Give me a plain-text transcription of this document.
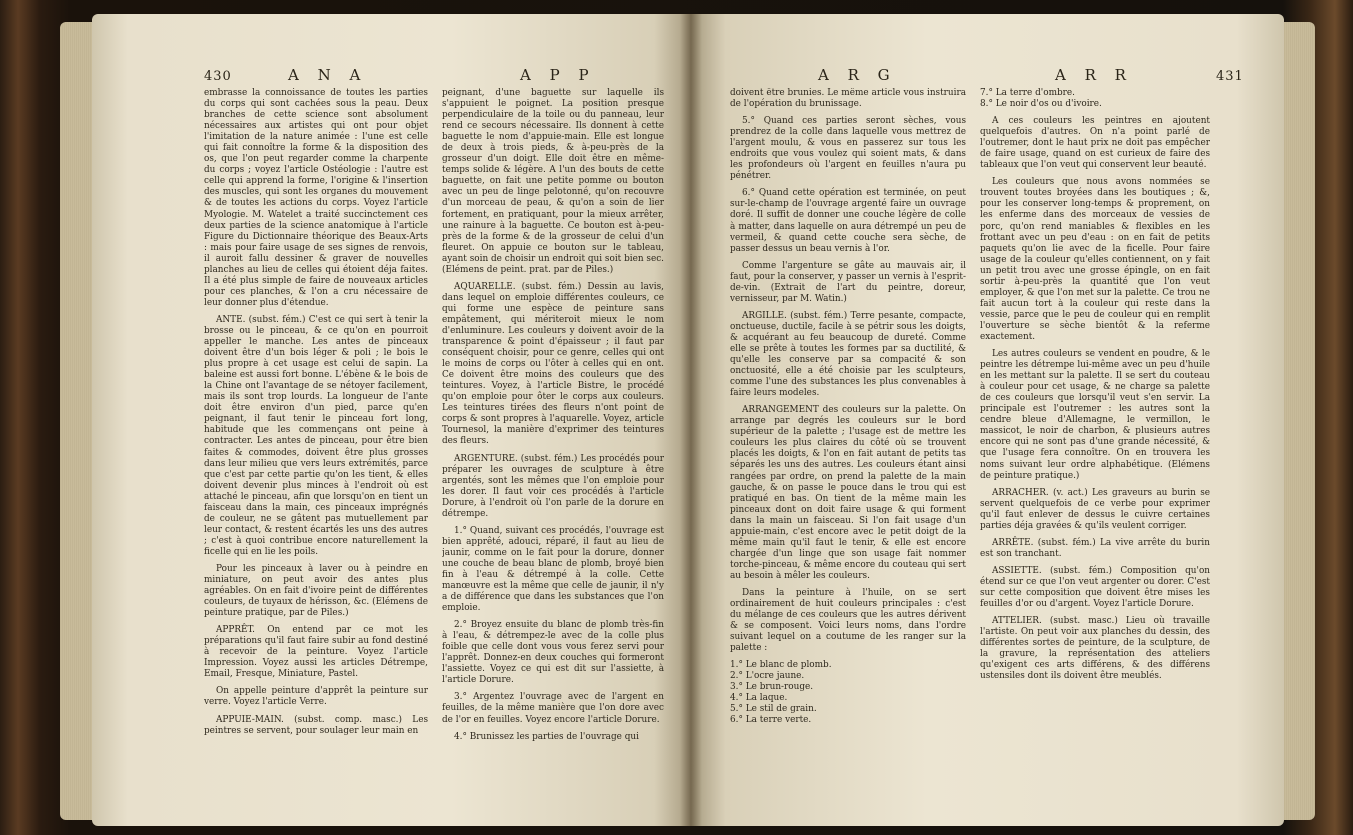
430	A N A	A P P

embrasse la connoissance de toutes les parties du corps qui sont cachées sous la peau. Deux branches de cette science sont absolument nécessaires aux artistes qui ont pour objet l'imitation de la nature animée : l'une est celle qui fait connoître la forme & la disposition des os, que l'on peut regarder comme la charpente du corps ; voyez l'article Ostéologie : l'autre est celle qui apprend la forme, l'origine & l'insertion des muscles, qui sont les organes du mouvement & de toutes les actions du corps. Voyez l'article Myologie. M. Watelet a traité succinctement ces deux parties de la science anatomique à l'article Figure du Dictionnaire théorique des Beaux-Arts : mais pour faire usage de ses signes de renvois, il auroit fallu dessiner & graver de nouvelles planches au lieu de celles qui étoient déja faites. Il a été plus simple de faire de nouveaux articles pour ces planches, & l'on a cru nécessaire de leur donner plus d'étendue.

ANTE. (subst. fém.) C'est ce qui sert à tenir la brosse ou le pinceau, & ce qu'on en pourroit appeller le manche. Les antes de pinceaux doivent être d'un bois léger & poli ; le bois le plus propre à cet usage est celui de sapin. La baleine est aussi fort bonne. L'ébène & le bois de la Chine ont l'avantage de se nétoyer facilement, mais ils sont trop lourds. La longueur de l'ante doit être environ d'un pied, parce qu'en peignant, il faut tenir le pinceau fort long, habitude que les commençans ont peine à contracter. Les antes de pinceau, pour être bien faites & commodes, doivent être plus grosses dans leur milieu que vers leurs extrémités, parce que c'est par cette partie qu'on les tient, & elles doivent devenir plus minces à l'endroit où est attaché le pinceau, afin que lorsqu'on en tient un faisceau dans la main, ces pinceaux imprégnés de couleur, ne se gâtent pas mutuellement par leur contact, & restent écartés les uns des autres ; c'est à quoi contribue encore naturellement la ficelle qui en lie les poils.

Pour les pinceaux à laver ou à peindre en miniature, on peut avoir des antes plus agréables. On en fait d'ivoire peint de différentes couleurs, de tuyaux de hérisson, &c. (Elémens de peinture pratique, par de Piles.)

APPRÊT. On entend par ce mot les préparations qu'il faut faire subir au fond destiné à recevoir de la peinture. Voyez l'article Impression. Voyez aussi les articles Détrempe, Email, Fresque, Miniature, Pastel.

On appelle peinture d'apprêt la peinture sur verre. Voyez l'article Verre.

APPUIE-MAIN. (subst. comp. masc.) Les peintres se servent, pour soulager leur main en

peignant, d'une baguette sur laquelle ils s'appuient le poignet. La position presque perpendiculaire de la toile ou du panneau, leur rend ce secours nécessaire. Ils donnent à cette baguette le nom d'appuie-main. Elle est longue de deux à trois pieds, & à-peu-près de la grosseur d'un doigt. Elle doit être en même-temps solide & légère. A l'un des bouts de cette baguette, on fait une petite pomme ou bouton avec un peu de linge pelotonné, qu'on recouvre d'un morceau de peau, & qu'on a soin de lier fortement, en pratiquant, pour la mieux arrêter, une rainure à la baguette. Ce bouton est à-peu-près de la forme & de la grosseur de celui d'un fleuret. On appuie ce bouton sur le tableau, ayant soin de choisir un endroit qui soit bien sec. (Elémens de peint. prat. par de Piles.)

AQUARELLE. (subst. fém.) Dessin au lavis, dans lequel on emploie différentes couleurs, ce qui forme une espèce de peinture sans empâtement, qui mériteroit mieux le nom d'enluminure. Les couleurs y doivent avoir de la transparence & point d'épaisseur ; il faut par conséquent choisir, pour ce genre, celles qui ont le moins de corps ou l'ôter à celles qui en ont. Ce doivent être moins des couleurs que des teintures. Voyez, à l'article Bistre, le procédé qu'on emploie pour ôter le corps aux couleurs. Les teintures tirées des fleurs n'ont point de corps & sont propres à l'aquarelle. Voyez, article Tournesol, la manière d'exprimer des teintures des fleurs.

ARGENTURE. (subst. fém.) Les procédés pour préparer les ouvrages de sculpture à être argentés, sont les mêmes que l'on emploie pour les dorer. Il faut voir ces procédés à l'article Dorure, à l'endroit où l'on parle de la dorure en détrempe.

1.° Quand, suivant ces procédés, l'ouvrage est bien apprêté, adouci, réparé, il faut au lieu de jaunir, comme on le fait pour la dorure, donner une couche de beau blanc de plomb, broyé bien fin à l'eau & détrempé à la colle. Cette manœuvre est la même que celle de jaunir, il n'y a de différence que dans les substances que l'on emploie.

2.° Broyez ensuite du blanc de plomb très-fin à l'eau, & détrempez-le avec de la colle plus foible que celle dont vous vous ferez servi pour l'apprêt. Donnez-en deux couches qui formeront l'assiette. Voyez ce qui est dit sur l'assiette, à l'article Dorure.

3.° Argentez l'ouvrage avec de l'argent en feuilles, de la même manière que l'on dore avec de l'or en feuilles. Voyez encore l'article Dorure.

4.° Brunissez les parties de l'ouvrage qui

A R G	A R R	431

doivent être brunies. Le même article vous instruira de l'opération du brunissage.

5.° Quand ces parties seront sèches, vous prendrez de la colle dans laquelle vous mettrez de l'argent moulu, & vous en passerez sur tous les endroits que vous voulez qui soient mats, & dans les profondeurs où l'argent en feuilles n'aura pu pénétrer.

6.° Quand cette opération est terminée, on peut sur-le-champ de l'ouvrage argenté faire un ouvrage doré. Il suffit de donner une couche légère de colle à matter, dans laquelle on aura détrempé un peu de vermeil, & quand cette couche sera sèche, de passer dessus un beau vernis à l'or.

Comme l'argenture se gâte au mauvais air, il faut, pour la conserver, y passer un vernis à l'esprit-de-vin. (Extrait de l'art du peintre, doreur, vernisseur, par M. Watin.)

ARGILLE. (subst. fém.) Terre pesante, compacte, onctueuse, ductile, facile à se pétrir sous les doigts, & acquérant au feu beaucoup de dureté. Comme elle se prête à toutes les formes par sa ductilité, & qu'elle les conserve par sa compacité & son onctuosité, elle a été choisie par les sculpteurs, comme l'une des substances les plus convenables à faire leurs modeles.

ARRANGEMENT des couleurs sur la palette. On arrange par degrés les couleurs sur le bord supérieur de la palette ; l'usage est de mettre les couleurs les plus claires du côté où se trouvent placés les doigts, & l'on en fait autant de petits tas séparés les uns des autres. Les couleurs étant ainsi rangées par ordre, on prend la palette de la main gauche, & on passe le pouce dans le trou qui est pratiqué en bas. On tient de la même main les pinceaux dont on doit faire usage & qui forment dans la main un faisceau. Si l'on fait usage d'un appuie-main, c'est encore avec le petit doigt de la même main qu'il faut le tenir, & elle est encore chargée d'un linge que son usage fait nommer torche-pinceau, & même encore du couteau qui sert au besoin à mêler les couleurs.

Dans la peinture à l'huile, on se sert ordinairement de huit couleurs principales : c'est du mélange de ces couleurs que les autres dérivent & se composent. Voici leurs noms, dans l'ordre suivant lequel on a coutume de les ranger sur la palette :

1.° Le blanc de plomb.

2.° L'ocre jaune.

3.° Le brun-rouge.

4.° La laque.

5.° Le stil de grain.

6.° La terre verte.

7.° La terre d'ombre.

8.° Le noir d'os ou d'ivoire.

A ces couleurs les peintres en ajoutent quelquefois d'autres. On n'a point parlé de l'outremer, dont le haut prix ne doit pas empêcher de faire usage, quand on est curieux de faire des tableaux que l'on veut qui conservent leur beauté.

Les couleurs que nous avons nommées se trouvent toutes broyées dans les boutiques ; &, pour les conserver long-temps & proprement, on les enferme dans des morceaux de vessies de porc, qu'on rend maniables & flexibles en les frottant avec un peu d'eau : on en fait de petits paquets qu'on lie avec de la ficelle. Pour faire usage de la couleur qu'elles contiennent, on y fait un petit trou avec une grosse épingle, on en fait sortir à-peu-près la quantité que l'on veut employer, & que l'on met sur la palette. Ce trou ne fait aucun tort à la couleur qui reste dans la vessie, parce que le peu de couleur qui en remplit l'ouverture se sèche bientôt & la referme exactement.

Les autres couleurs se vendent en poudre, & le peintre les détrempe lui-même avec un peu d'huile en les mettant sur la palette. Il se sert du couteau à couleur pour cet usage, & ne charge sa palette de ces couleurs que lorsqu'il veut s'en servir. La principale est l'outremer : les autres sont la cendre bleue d'Allemagne, le vermillon, le massicot, le noir de charbon, & plusieurs autres encore qui ne sont pas d'une grande nécessité, & que l'usage fera connoître. On en trouvera les noms suivant leur ordre alphabétique. (Elémens de peinture pratique.)

ARRACHER. (v. act.) Les graveurs au burin se servent quelquefois de ce verbe pour exprimer qu'il faut enlever de dessus le cuivre certaines parties déja gravées & qu'ils veulent corriger.

ARRÊTE. (subst. fém.) La vive arrête du burin est son tranchant.

ASSIETTE. (subst. fém.) Composition qu'on étend sur ce que l'on veut argenter ou dorer. C'est sur cette composition que doivent être mises les feuilles d'or ou d'argent. Voyez l'article Dorure.

ATTELIER. (subst. masc.) Lieu où travaille l'artiste. On peut voir aux planches du dessin, des différentes sortes de peinture, de la sculpture, de la gravure, la représentation des atteliers qu'exigent ces arts différens, & des différens ustensiles dont ils doivent être meublés.
